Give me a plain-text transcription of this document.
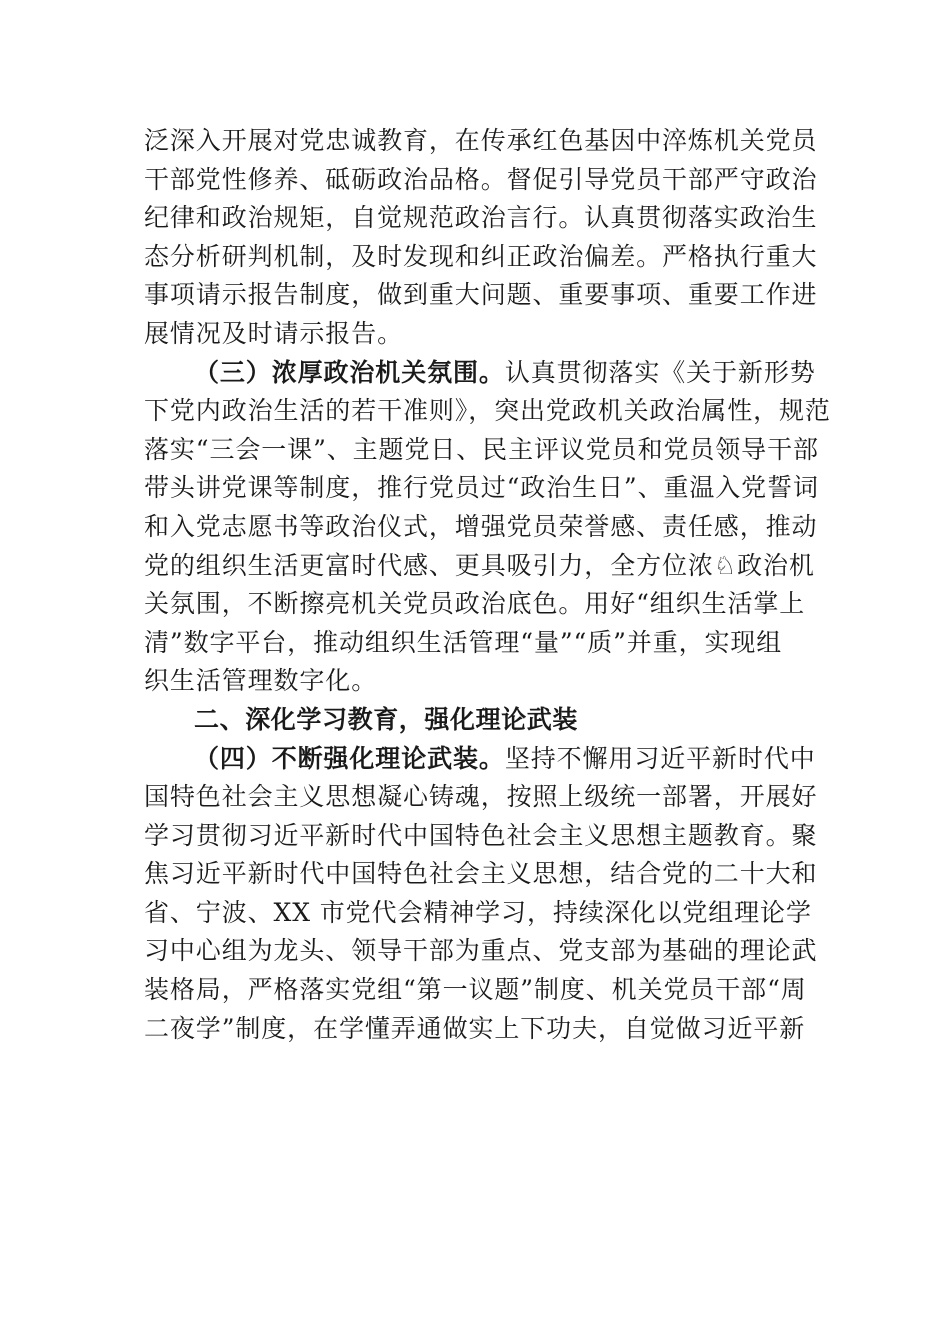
泛深入开展对党忠诚教育，在传承红色基因中淬炼机关党员
干部党性修养、砥砺政治品格。督促引导党员干部严守政治
纪律和政治规矩，自觉规范政治言行。认真贯彻落实政治生
态分析研判机制，及时发现和纠正政治偏差。严格执行重大
事项请示报告制度，做到重大问题、重要事项、重要工作进
展情况及时请示报告。
（三）浓厚政治机关氛围。认真贯彻落实《关于新形势
下党内政治生活的若干准则》，突出党政机关政治属性，规范
落实“三会一课”、主题党日、民主评议党员和党员领导干部
带头讲党课等制度，推行党员过“政治生日”、重温入党誓词
和入党志愿书等政治仪式，增强党员荣誉感、责任感，推动
党的组织生活更富时代感、更具吸引力，全方位浓♘政治机
关氛围，不断擦亮机关党员政治底色。用好“组织生活掌上
清”数字平台，推动组织生活管理“量”“质”并重，实现组
织生活管理数字化。
二、深化学习教育，强化理论武装
（四）不断强化理论武装。坚持不懈用习近平新时代中
国特色社会主义思想凝心铸魂，按照上级统一部署，开展好
学习贯彻习近平新时代中国特色社会主义思想主题教育。聚
焦习近平新时代中国特色社会主义思想，结合党的二十大和
省、宁波、XX 市党代会精神学习，持续深化以党组理论学
习中心组为龙头、领导干部为重点、党支部为基础的理论武
装格局，严格落实党组“第一议题”制度、机关党员干部“周
二夜学”制度，在学懂弄通做实上下功夫，自觉做习近平新
